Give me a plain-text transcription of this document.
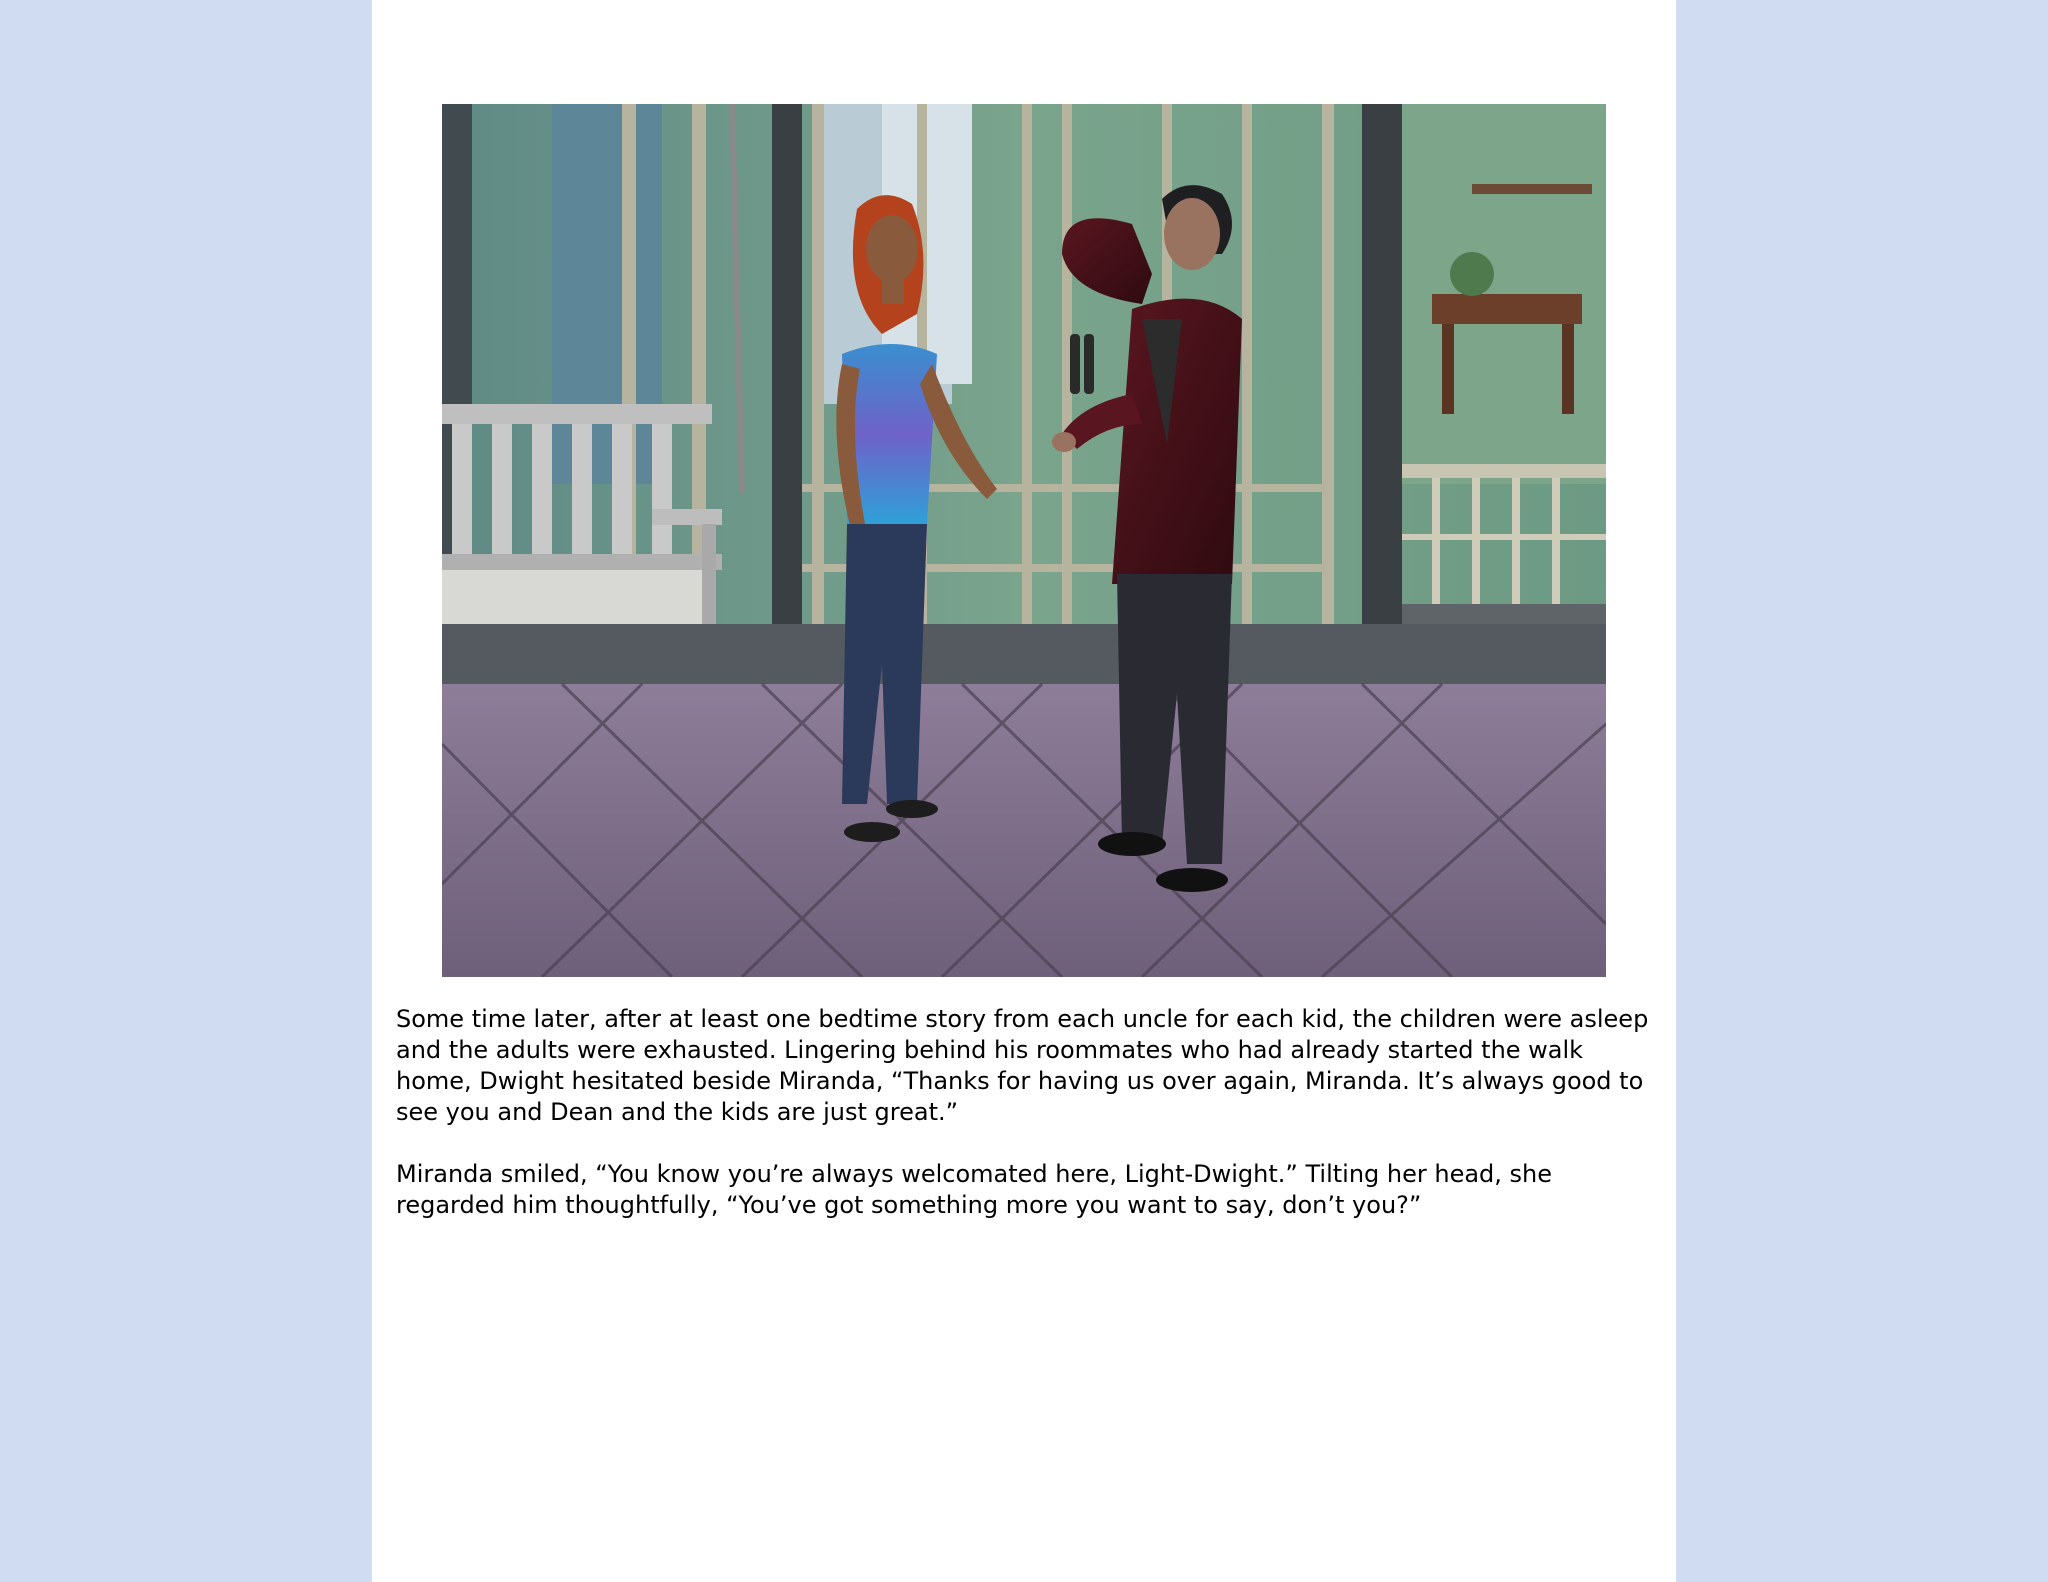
Some time later, after at least one bedtime story from each uncle for each kid, the children were asleep and the adults were exhausted. Lingering behind his roommates who had already started the walk home, Dwight hesitated beside Miranda, “Thanks for having us over again, Miranda. It’s always good to see you and Dean and the kids are just great.”

Miranda smiled, “You know you’re always welcomated here, Light-Dwight.” Tilting her head, she regarded him thoughtfully, “You’ve got something more you want to say, don’t you?”
